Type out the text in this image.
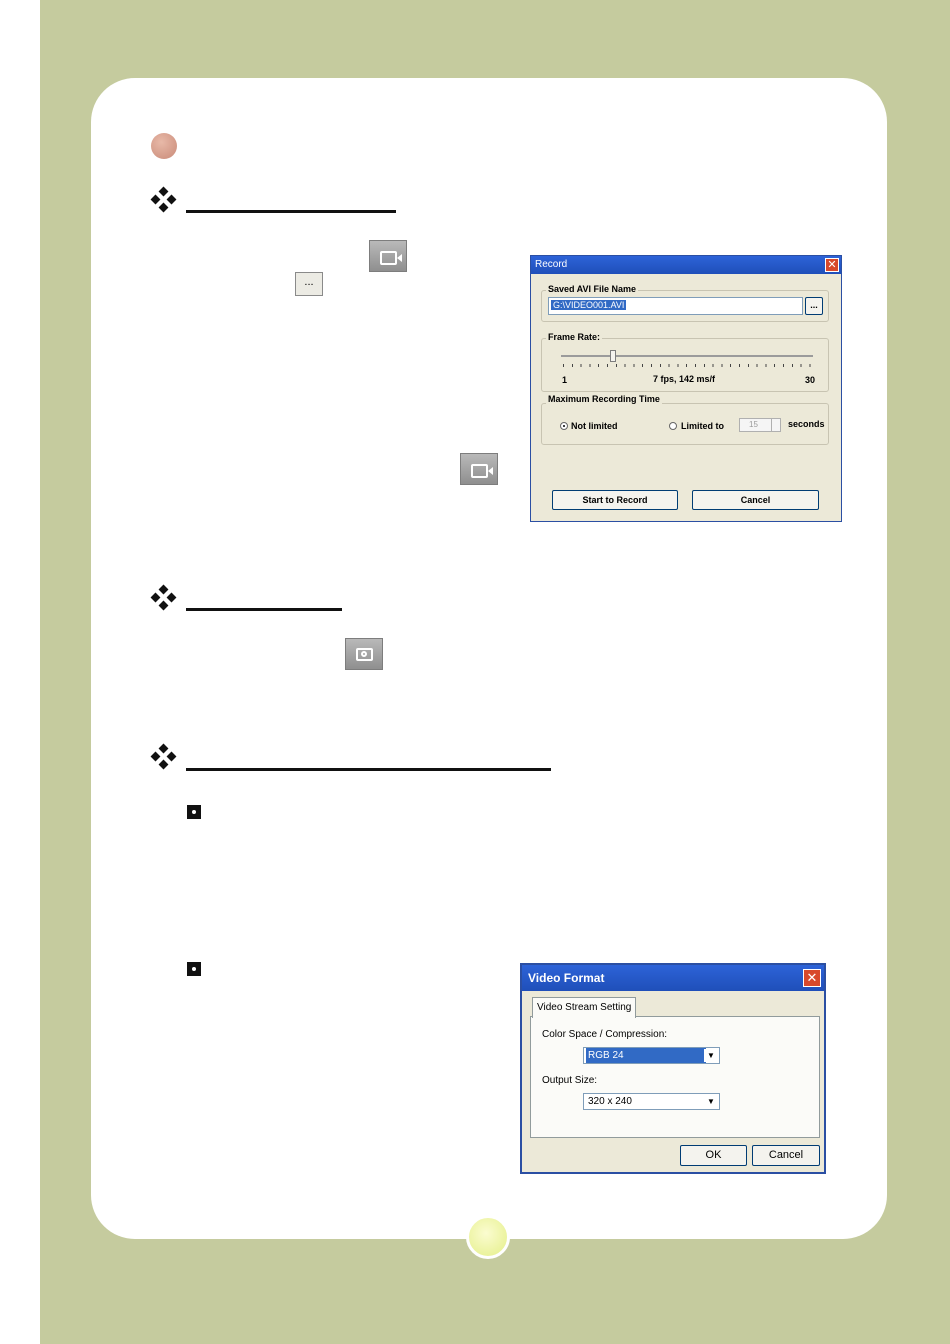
...
Record	✕
Saved AVI File Name
G:\VIDEO001.AVI	...
Frame Rate:
1	7 fps, 142 ms/f	30
Maximum Recording Time
Not limited	Limited to	15	seconds
Start to Record	Cancel
Video Format	✕
Video Stream Setting
Color Space / Compression:
RGB 24	▼
Output Size:
320 x 240	▼
OK	Cancel
